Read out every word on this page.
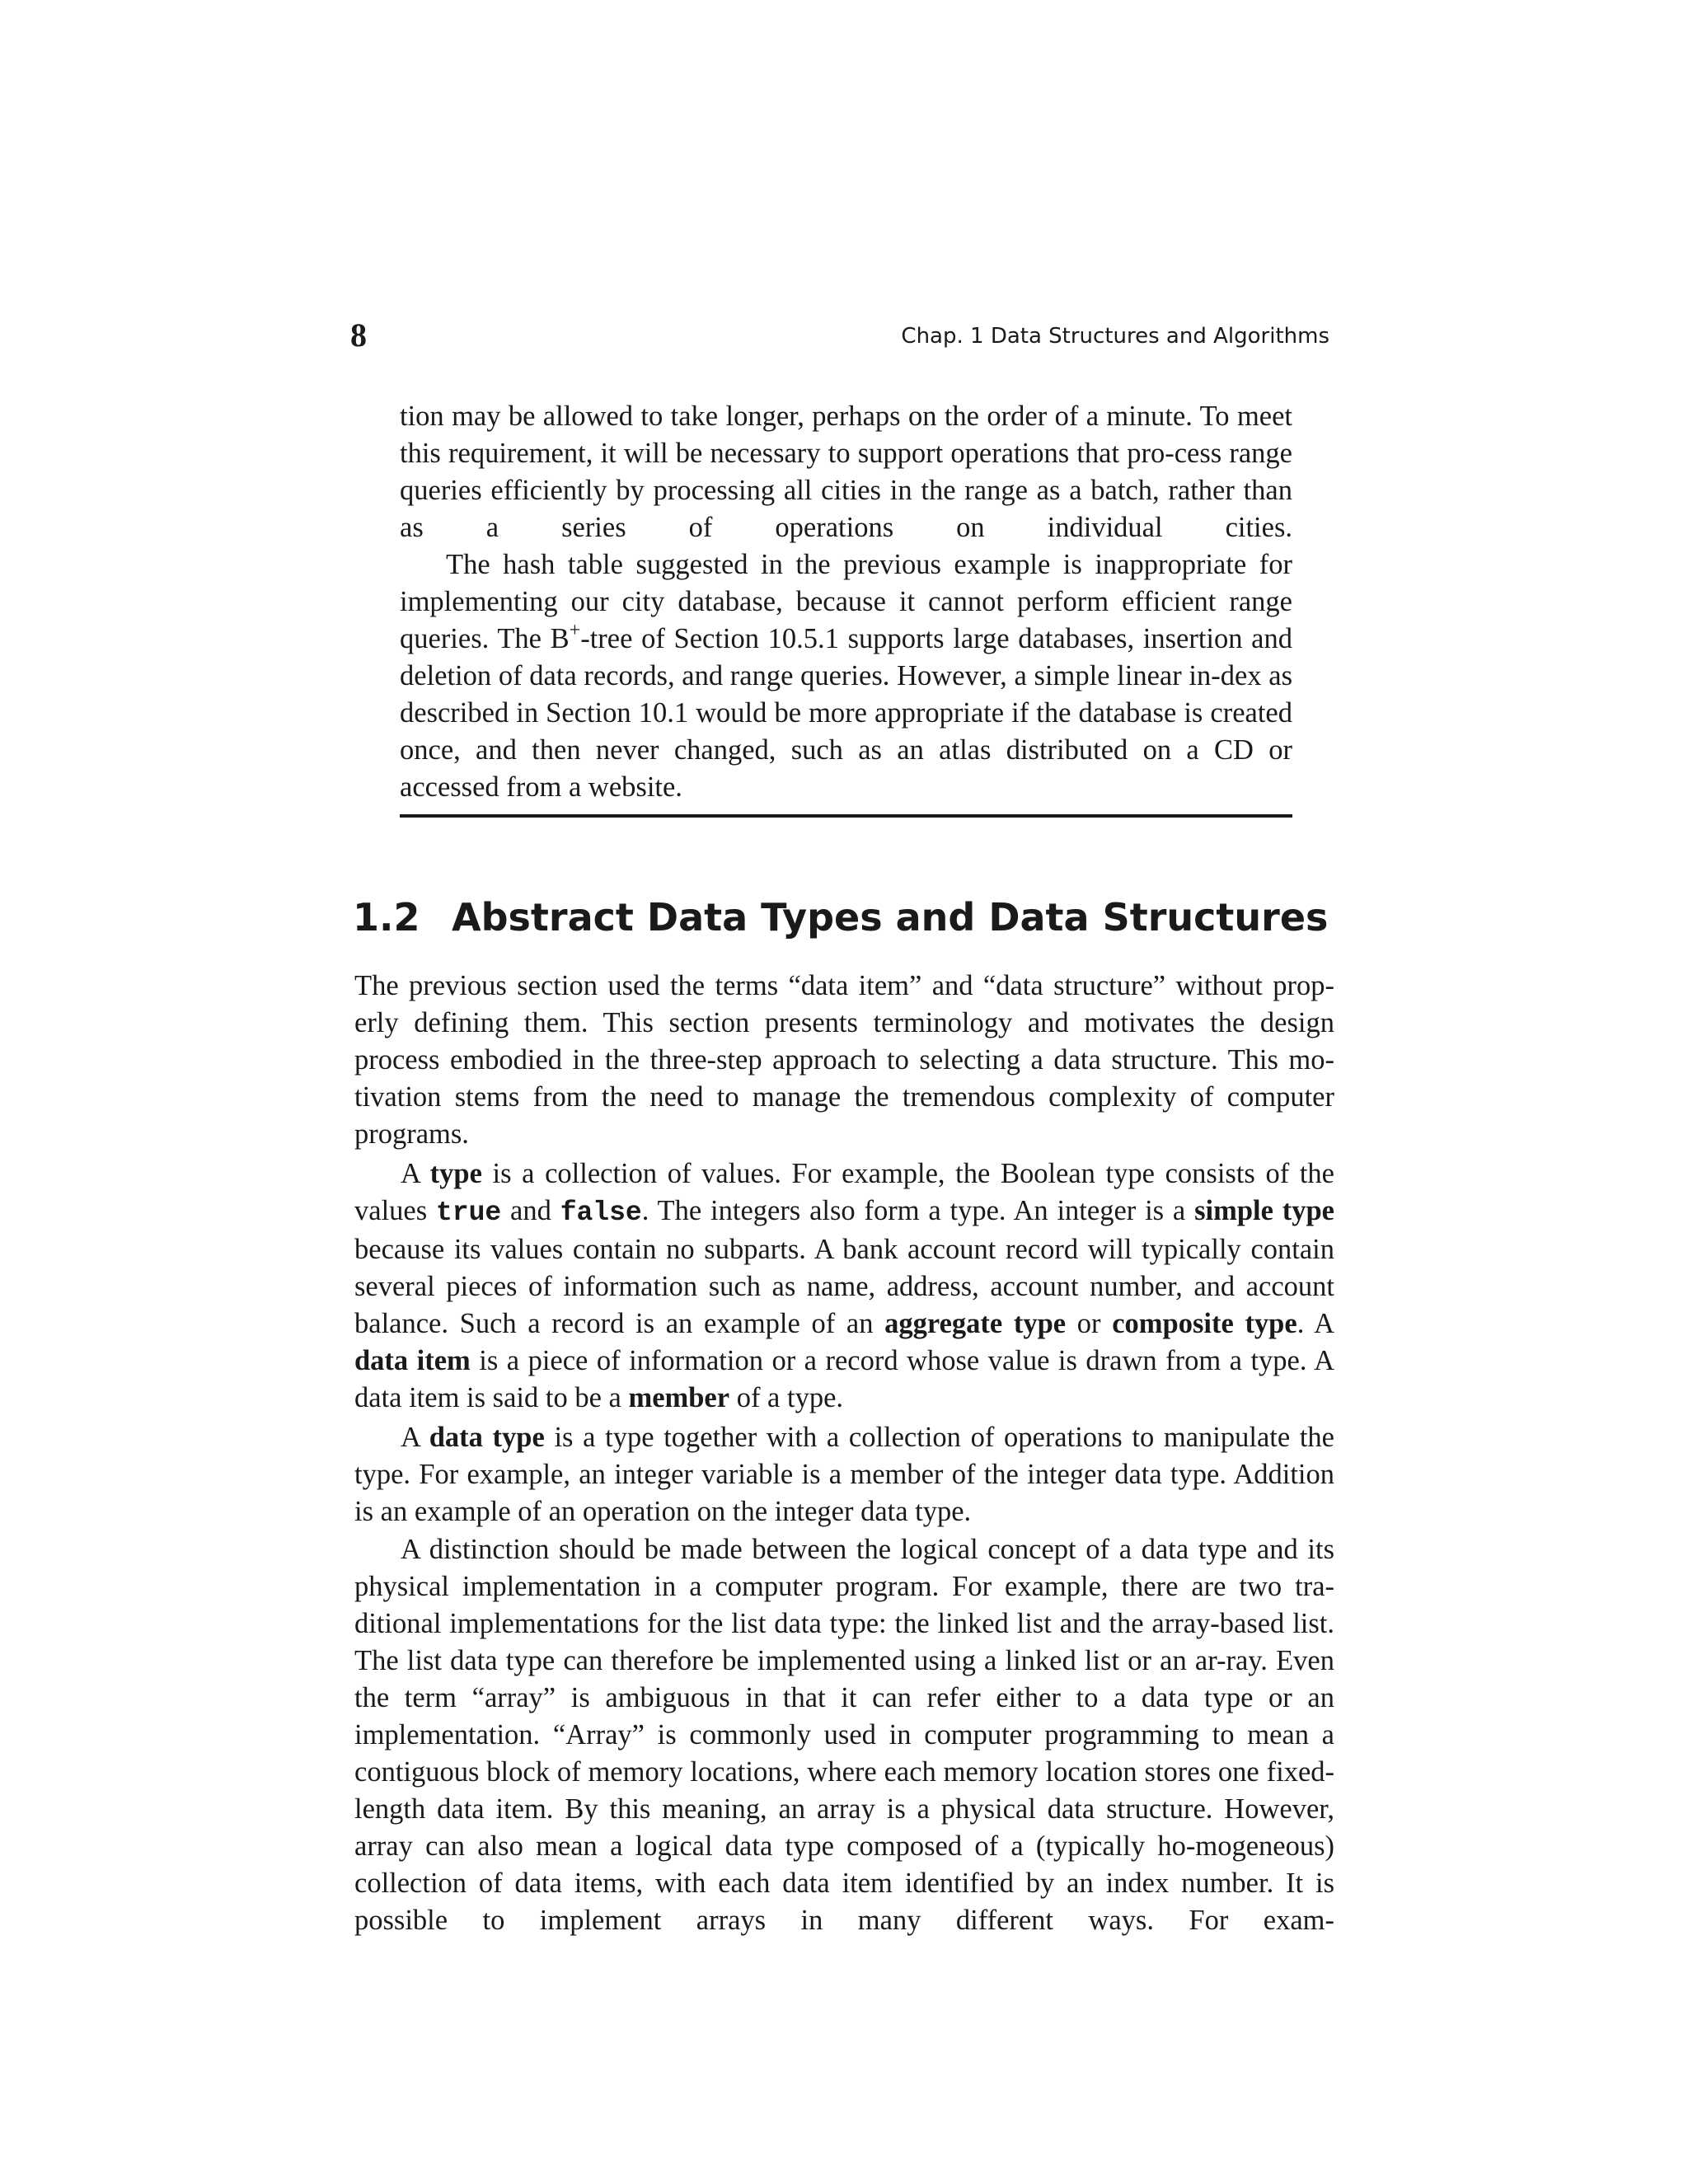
8	Chap. 1 Data Structures and Algorithms
tion may be allowed to take longer, perhaps on the order of a minute. To meet this requirement, it will be necessary to support operations that pro-cess range queries efficiently by processing all cities in the range as a batch, rather than as a series of operations on individual cities.
The hash table suggested in the previous example is inappropriate for implementing our city database, because it cannot perform efficient range queries. The B+-tree of Section 10.5.1 supports large databases, insertion and deletion of data records, and range queries. However, a simple linear in-dex as described in Section 10.1 would be more appropriate if the database is created once, and then never changed, such as an atlas distributed on a CD or accessed from a website.
1.2 Abstract Data Types and Data Structures
The previous section used the terms “data item” and “data structure” without prop-erly defining them. This section presents terminology and motivates the design process embodied in the three-step approach to selecting a data structure. This mo-tivation stems from the need to manage the tremendous complexity of computer programs.
A type is a collection of values. For example, the Boolean type consists of the values true and false. The integers also form a type. An integer is a simple type because its values contain no subparts. A bank account record will typically contain several pieces of information such as name, address, account number, and account balance. Such a record is an example of an aggregate type or composite type. A data item is a piece of information or a record whose value is drawn from a type. A data item is said to be a member of a type.
A data type is a type together with a collection of operations to manipulate the type. For example, an integer variable is a member of the integer data type. Addition is an example of an operation on the integer data type.
A distinction should be made between the logical concept of a data type and its physical implementation in a computer program. For example, there are two tra-ditional implementations for the list data type: the linked list and the array-based list. The list data type can therefore be implemented using a linked list or an ar-ray. Even the term “array” is ambiguous in that it can refer either to a data type or an implementation. “Array” is commonly used in computer programming to mean a contiguous block of memory locations, where each memory location stores one fixed-length data item. By this meaning, an array is a physical data structure. However, array can also mean a logical data type composed of a (typically ho-mogeneous) collection of data items, with each data item identified by an index number. It is possible to implement arrays in many different ways. For exam-
